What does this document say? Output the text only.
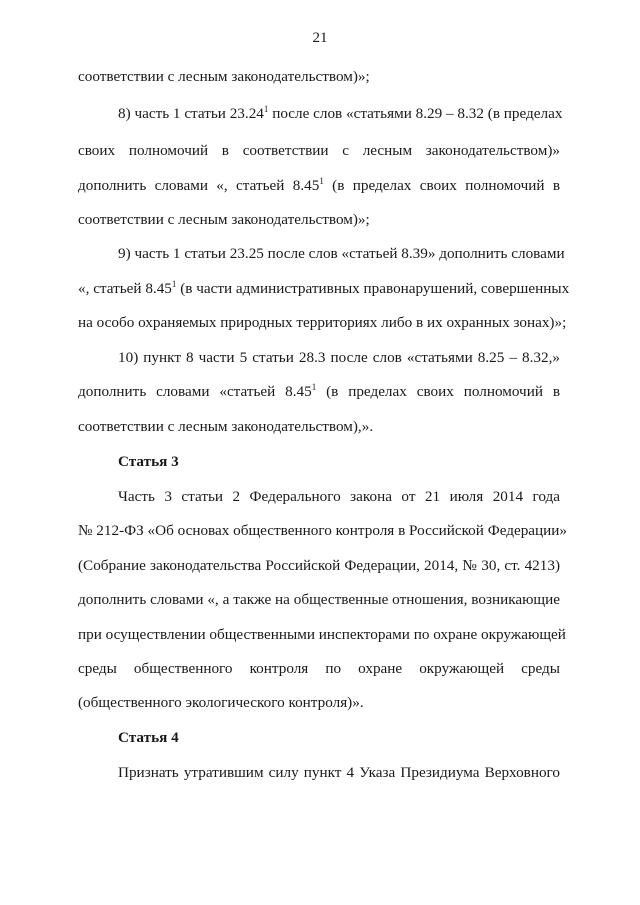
21
соответствии с лесным законодательством)»;
8) часть 1 статьи 23.24$^1$ после слов «статьями 8.29 – 8.32 (в пределах
своих полномочий в соответствии с лесным законодательством)»
дополнить словами «, статьей 8.45$^1$ (в пределах своих полномочий в
соответствии с лесным законодательством)»;
9) часть 1 статьи 23.25 после слов «статьей 8.39» дополнить словами
«, статьей 8.45$^1$ (в части административных правонарушений, совершенных
на особо охраняемых природных территориях либо в их охранных зонах)»;
10) пункт 8 части 5 статьи 28.3 после слов «статьями 8.25 – 8.32,»
дополнить словами «статьей 8.45$^1$ (в пределах своих полномочий в
соответствии с лесным законодательством),».
Статья 3
Часть 3 статьи 2 Федерального закона от 21 июля 2014 года
№ 212-ФЗ «Об основах общественного контроля в Российской Федерации»
(Собрание законодательства Российской Федерации, 2014, № 30, ст. 4213)
дополнить словами «, а также на общественные отношения, возникающие
при осуществлении общественными инспекторами по охране окружающей
среды общественного контроля по охране окружающей среды
(общественного экологического контроля)».
Статья 4
Признать утратившим силу пункт 4 Указа Президиума Верховного
